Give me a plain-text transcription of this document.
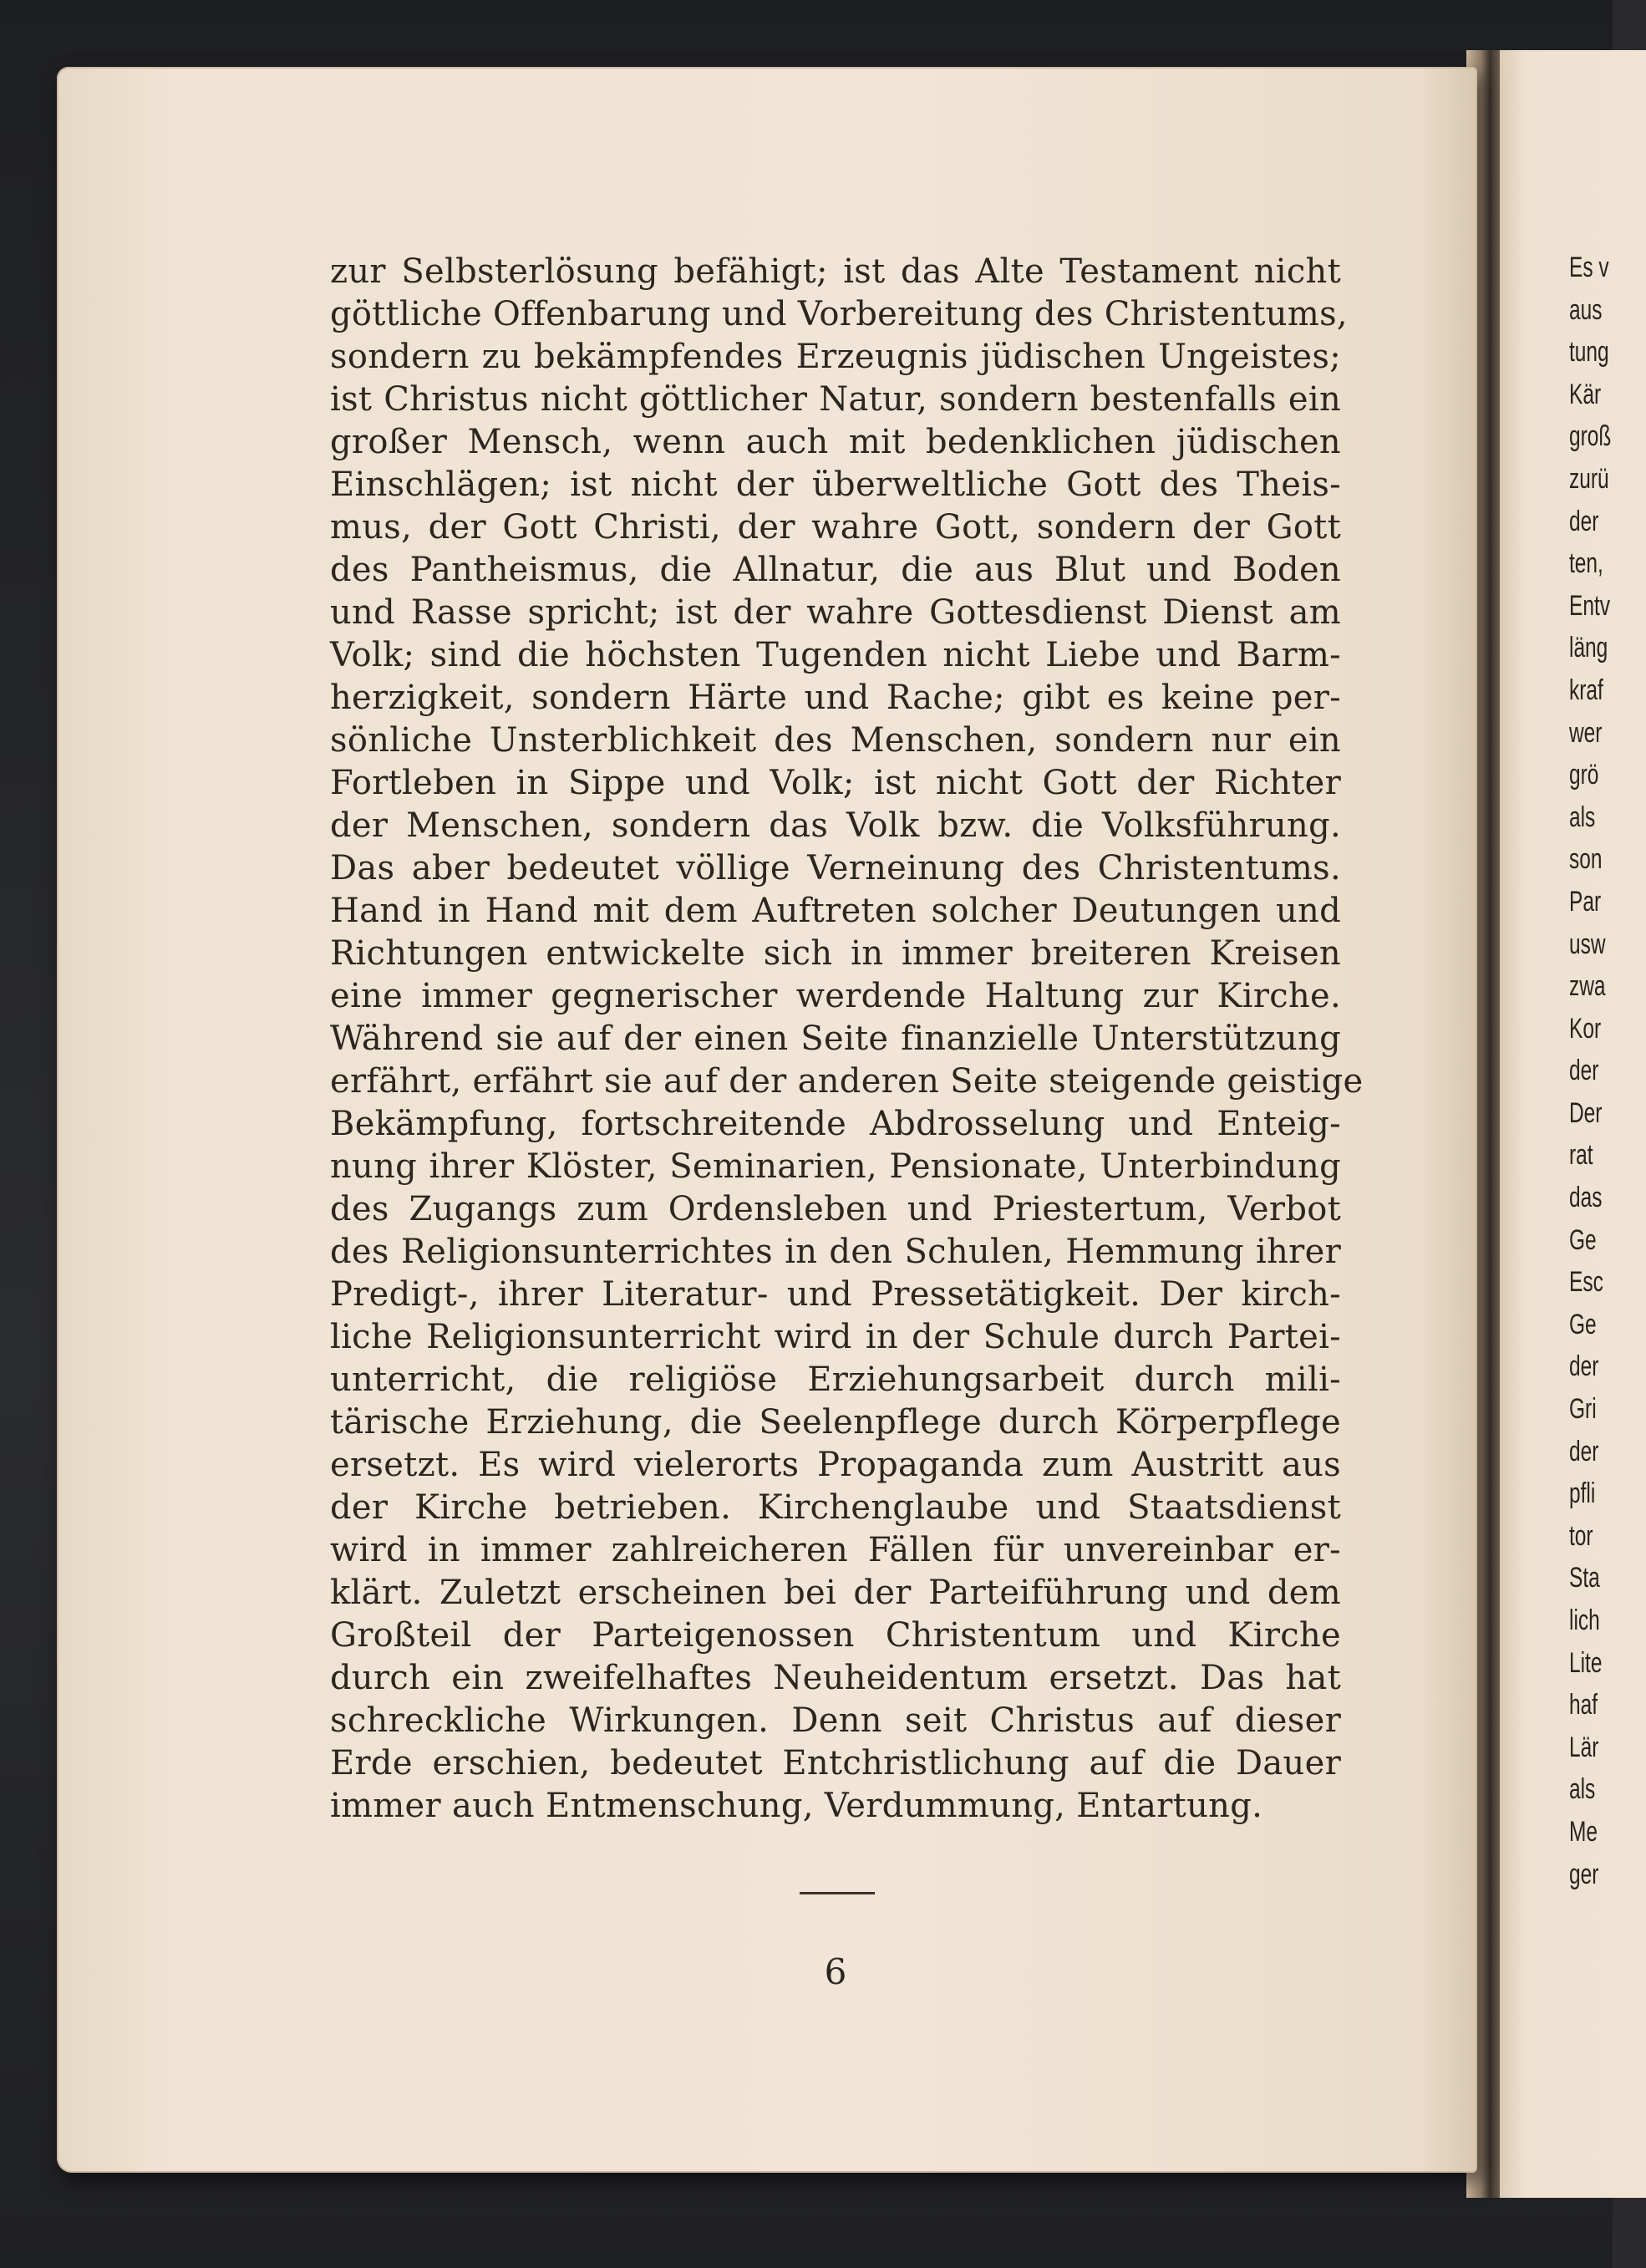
Es v
aus
tung
Kär
groß
zurü
der
ten,
Entv
läng
kraf
wer
grö
als
son
Par
usw
zwa
Kor
der
Der
rat
das
Ge
Esc
Ge
der
Gri
der
pfli
tor
Sta
lich
Lite
haf
Lär
als
Me
ger
zur Selbsterlösung befähigt; ist das Alte Testament nicht
göttliche Offenbarung und Vorbereitung des Christentums,
sondern zu bekämpfendes Erzeugnis jüdischen Ungeistes;
ist Christus nicht göttlicher Natur, sondern bestenfalls ein
großer Mensch, wenn auch mit bedenklichen jüdischen
Einschlägen; ist nicht der überweltliche Gott des Theis-
mus, der Gott Christi, der wahre Gott, sondern der Gott
des Pantheismus, die Allnatur, die aus Blut und Boden
und Rasse spricht; ist der wahre Gottesdienst Dienst am
Volk; sind die höchsten Tugenden nicht Liebe und Barm-
herzigkeit, sondern Härte und Rache; gibt es keine per-
sönliche Unsterblichkeit des Menschen, sondern nur ein
Fortleben in Sippe und Volk; ist nicht Gott der Richter
der Menschen, sondern das Volk bzw. die Volksführung.
Das aber bedeutet völlige Verneinung des Christentums.
Hand in Hand mit dem Auftreten solcher Deutungen und
Richtungen entwickelte sich in immer breiteren Kreisen
eine immer gegnerischer werdende Haltung zur Kirche.
Während sie auf der einen Seite finanzielle Unterstützung
erfährt, erfährt sie auf der anderen Seite steigende geistige
Bekämpfung, fortschreitende Abdrosselung und Enteig-
nung ihrer Klöster, Seminarien, Pensionate, Unterbindung
des Zugangs zum Ordensleben und Priestertum, Verbot
des Religionsunterrichtes in den Schulen, Hemmung ihrer
Predigt-, ihrer Literatur- und Pressetätigkeit. Der kirch-
liche Religionsunterricht wird in der Schule durch Partei-
unterricht, die religiöse Erziehungsarbeit durch mili-
tärische Erziehung, die Seelenpflege durch Körperpflege
ersetzt. Es wird vielerorts Propaganda zum Austritt aus
der Kirche betrieben. Kirchenglaube und Staatsdienst
wird in immer zahlreicheren Fällen für unvereinbar er-
klärt. Zuletzt erscheinen bei der Parteiführung und dem
Großteil der Parteigenossen Christentum und Kirche
durch ein zweifelhaftes Neuheidentum ersetzt. Das hat
schreckliche Wirkungen. Denn seit Christus auf dieser
Erde erschien, bedeutet Entchristlichung auf die Dauer
immer auch Entmenschung, Verdummung, Entartung.
6
